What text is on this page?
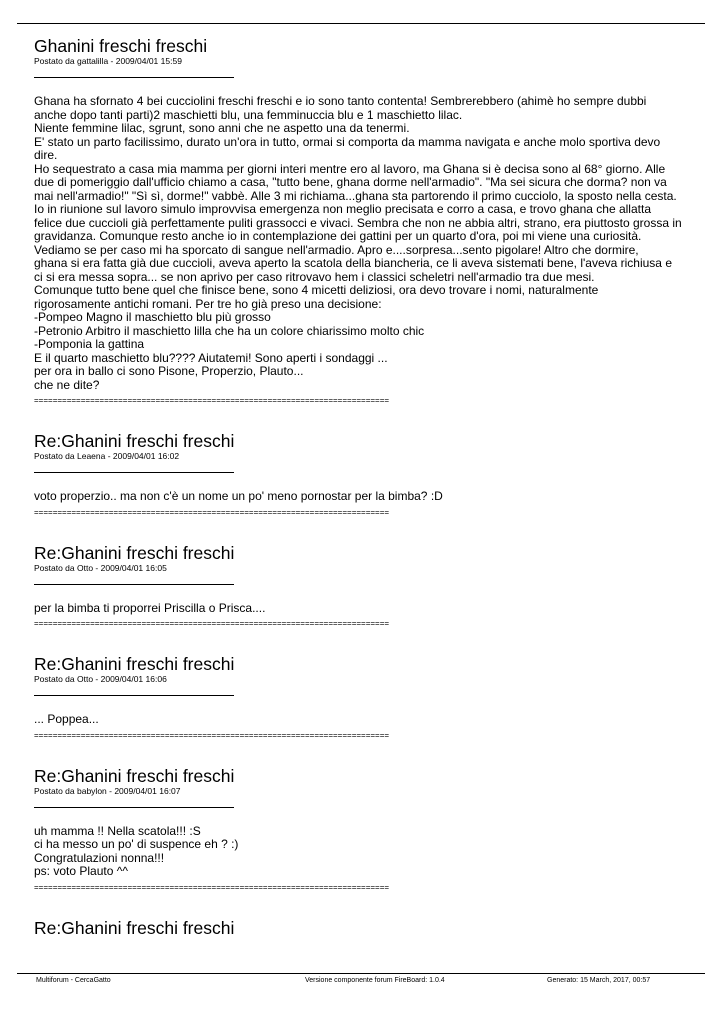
Ghanini freschi freschi
Postato da gattalilla - 2009/04/01 15:59
Ghana ha sfornato 4 bei cucciolini freschi freschi e io sono tanto contenta! Sembrerebbero (ahimè ho sempre dubbi
anche dopo tanti parti)2 maschietti blu, una femminuccia blu e 1 maschietto lilac.
Niente femmine lilac, sgrunt, sono anni che ne aspetto una da tenermi.
E' stato un parto facilissimo, durato un'ora in tutto, ormai si comporta da mamma navigata e anche molo sportiva devo
dire.
Ho sequestrato a casa mia mamma per giorni interi mentre ero al lavoro, ma Ghana si è decisa sono al 68° giorno. Alle
due di pomeriggio dall'ufficio chiamo a casa, "tutto bene, ghana dorme nell'armadio". "Ma sei sicura che dorma? non va
mai nell'armadio!" "Sì sì, dorme!" vabbè. Alle 3 mi richiama...ghana sta partorendo il primo cucciolo, la sposto nella cesta.
Io in riunione sul lavoro simulo improvvisa emergenza non meglio precisata e corro a casa, e trovo ghana che allatta
felice due cuccioli già perfettamente puliti grassocci e vivaci. Sembra che non ne abbia altri, strano, era piuttosto grossa in
gravidanza. Comunque resto anche io in contemplazione dei gattini per un quarto d'ora, poi mi viene una curiosità.
Vediamo se per caso mi ha sporcato di sangue nell'armadio. Apro e....sorpresa...sento pigolare! Altro che dormire,
ghana si era fatta già due cuccioli, aveva aperto la scatola della biancheria, ce li aveva sistemati bene, l'aveva richiusa e
ci si era messa sopra... se non aprivo per caso ritrovavo hem i classici scheletri nell'armadio tra due mesi.
Comunque tutto bene quel che finisce bene, sono 4 micetti deliziosi, ora devo trovare i nomi, naturalmente
rigorosamente antichi romani. Per tre ho già preso una decisione:
-Pompeo Magno il maschietto blu più grosso
-Petronio Arbitro il maschietto lilla che ha un colore chiarissimo molto chic
-Pomponia la gattina
E il quarto maschietto blu???? Aiutatemi! Sono aperti i sondaggi ...
per ora in ballo ci sono Pisone, Properzio, Plauto...
che ne dite?
============================================================================
Re:Ghanini freschi freschi
Postato da Leaena - 2009/04/01 16:02
voto properzio.. ma non c'è un nome un po' meno pornostar per la bimba? :D
============================================================================
Re:Ghanini freschi freschi
Postato da Otto - 2009/04/01 16:05
per la bimba ti proporrei Priscilla o Prisca....
============================================================================
Re:Ghanini freschi freschi
Postato da Otto - 2009/04/01 16:06
... Poppea...
============================================================================
Re:Ghanini freschi freschi
Postato da babylon - 2009/04/01 16:07
uh mamma !! Nella scatola!!! :S
ci ha messo un po' di suspence eh ? :)
Congratulazioni nonna!!!
ps: voto Plauto ^^
============================================================================
Re:Ghanini freschi freschi
Multiforum - CercaGatto	Versione componente forum FireBoard: 1.0.4	Generato: 15 March, 2017, 00:57
